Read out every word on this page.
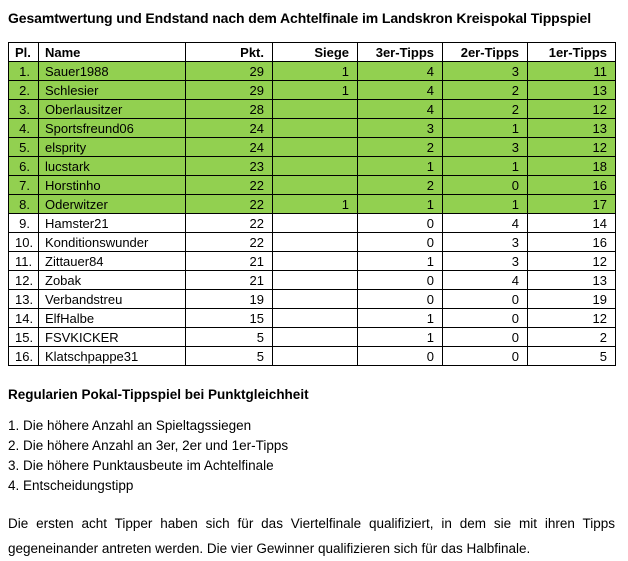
Gesamtwertung und Endstand nach dem Achtelfinale im Landskron Kreispokal Tippspiel
Pl.	Name	Pkt.	Siege	3er-Tipps	2er-Tipps	1er-Tipps
1.	Sauer1988	29	1	4	3	11
2.	Schlesier	29	1	4	2	13
3.	Oberlausitzer	28		4	2	12
4.	Sportsfreund06	24		3	1	13
5.	elsprity	24		2	3	12
6.	lucstark	23		1	1	18
7.	Horstinho	22		2	0	16
8.	Oderwitzer	22	1	1	1	17
9.	Hamster21	22		0	4	14
10.	Konditionswunder	22		0	3	16
11.	Zittauer84	21		1	3	12
12.	Zobak	21		0	4	13
13.	Verbandstreu	19		0	0	19
14.	ElfHalbe	15		1	0	12
15.	FSVKICKER	5		1	0	2
16.	Klatschpappe31	5		0	0	5
Regularien Pokal-Tippspiel bei Punktgleichheit
1. Die höhere Anzahl an Spieltagssiegen
2. Die höhere Anzahl an 3er, 2er und 1er-Tipps
3. Die höhere Punktausbeute im Achtelfinale
4. Entscheidungstipp
Die ersten acht Tipper haben sich für das Viertelfinale qualifiziert, in dem sie mit ihren Tipps gegeneinander antreten werden. Die vier Gewinner qualifizieren sich für das Halbfinale.
